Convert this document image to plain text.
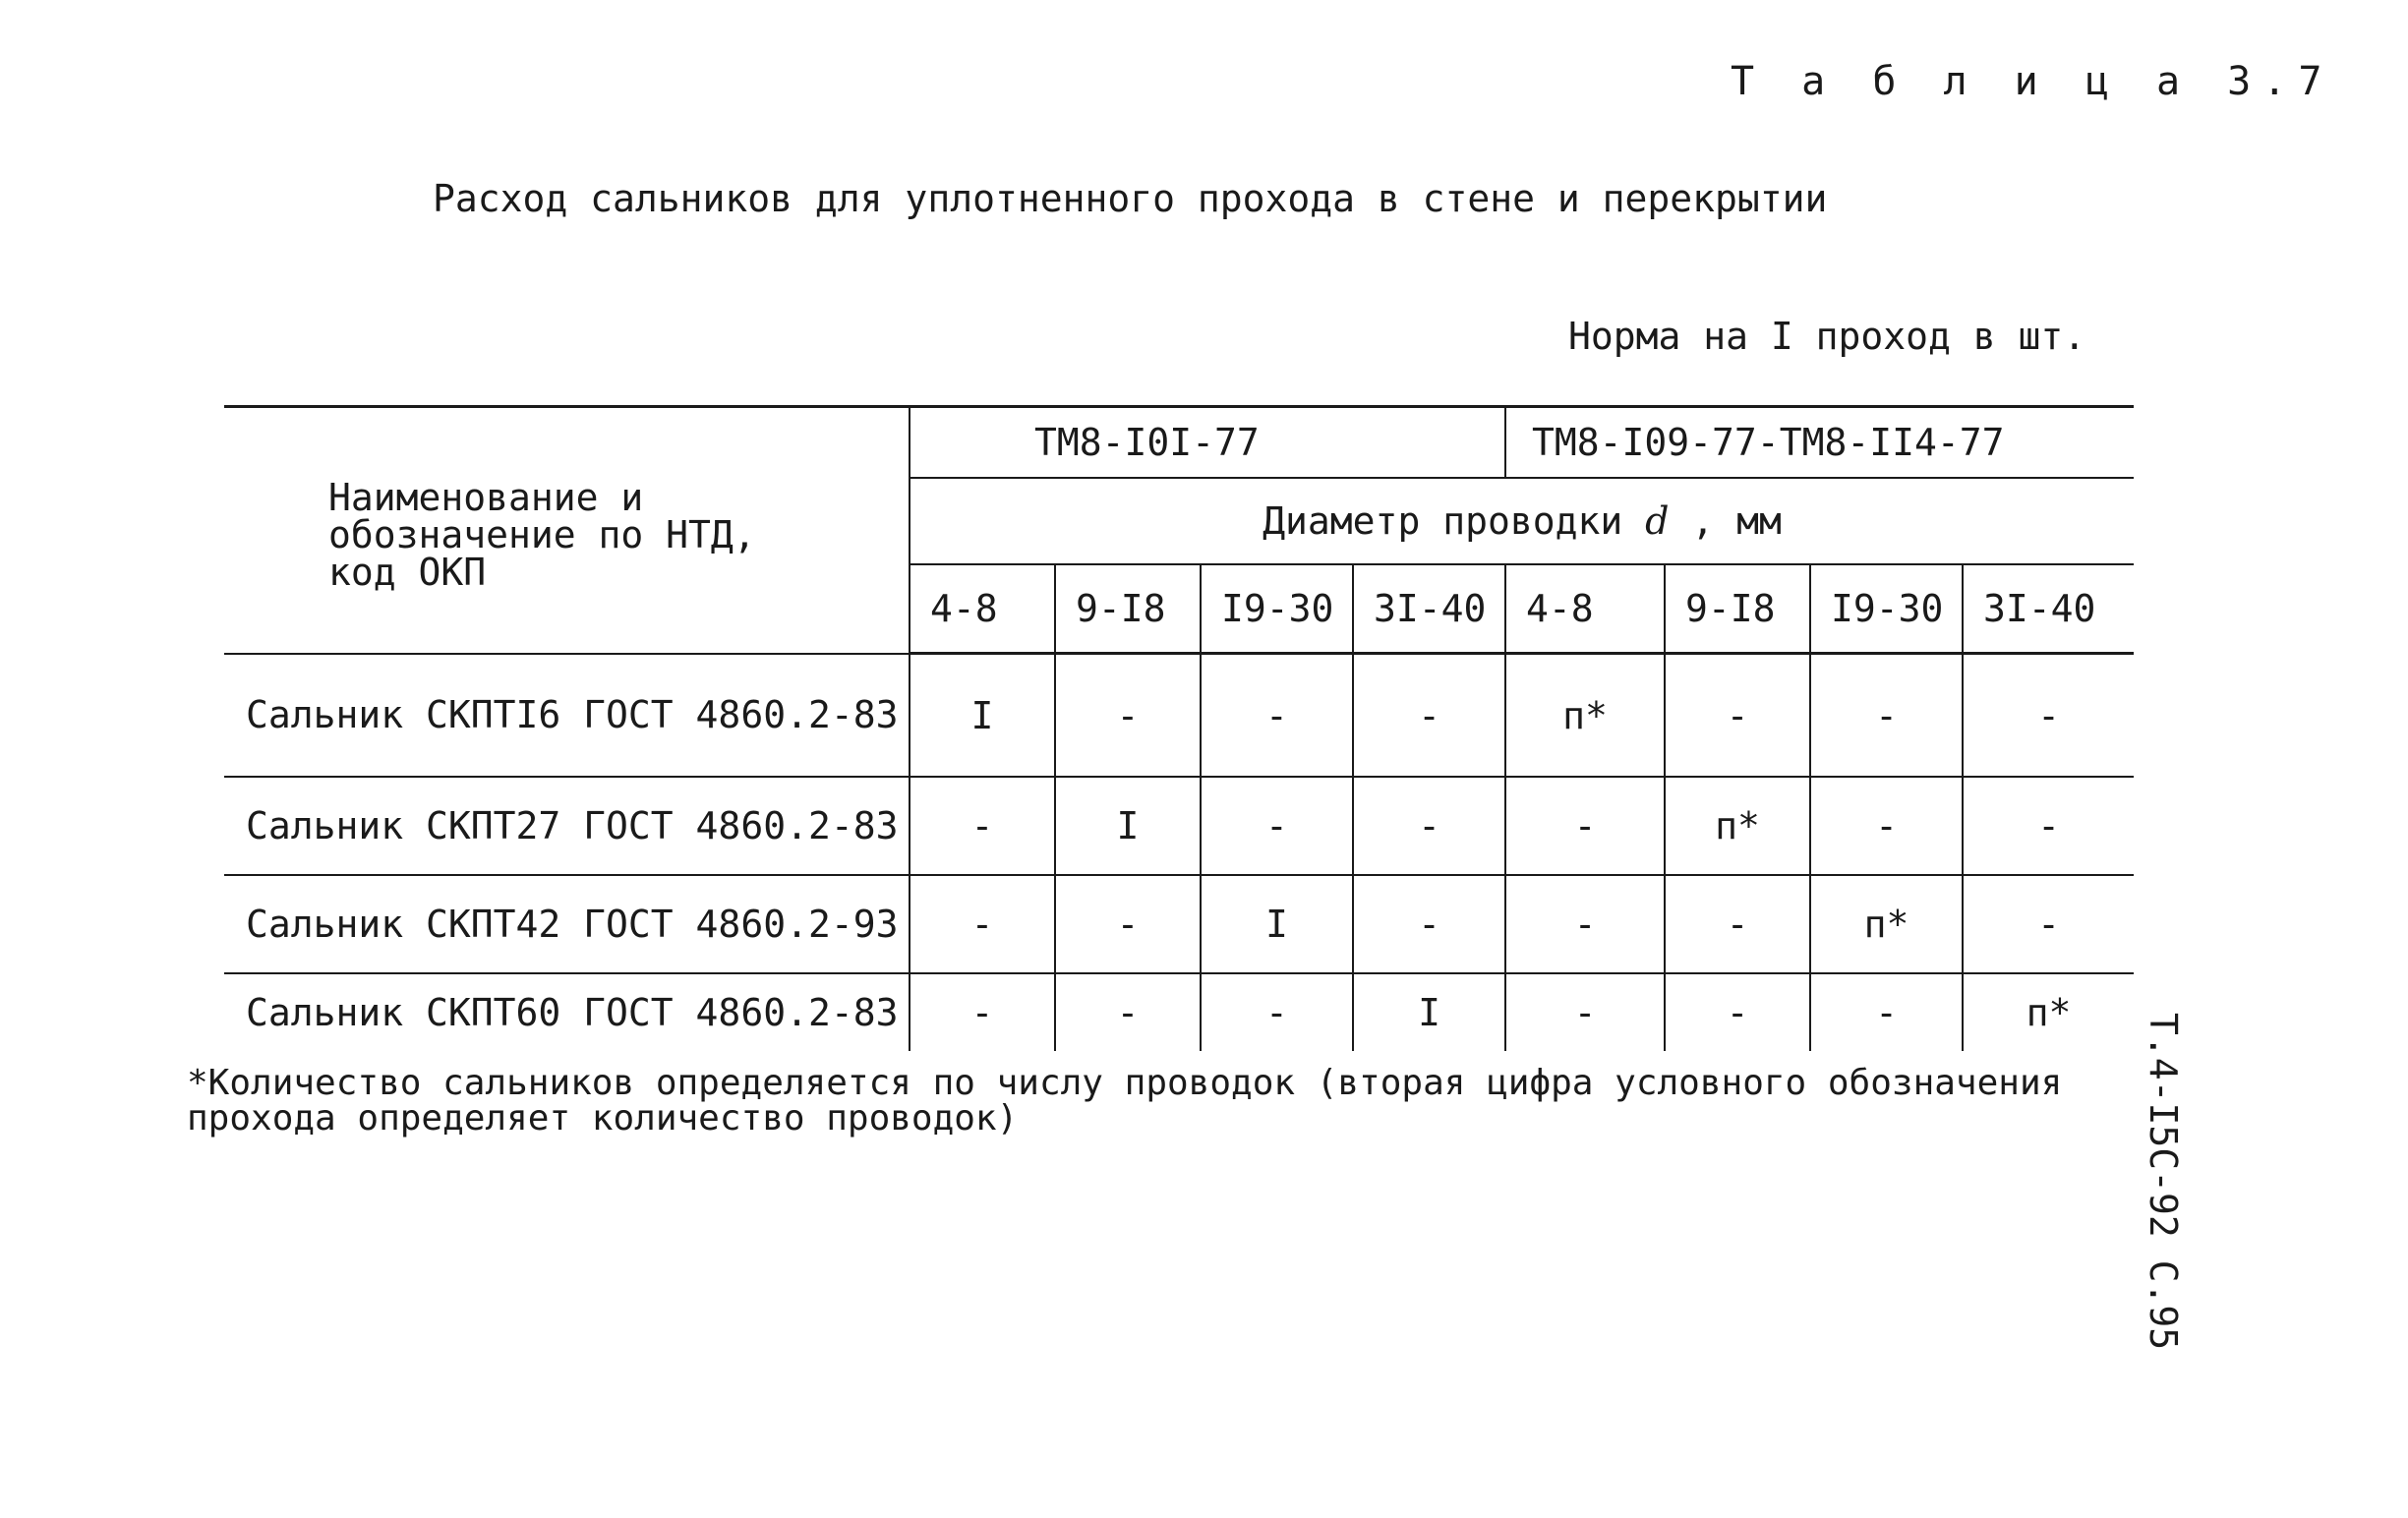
Т а б л и ц а 3.7
Расход сальников для уплотненного прохода в стене и перекрытии
Норма на I проход в шт.
Наименование и
обозначение по НТД,
код ОКП	ТМ8-I0I-77				ТМ8-I09-77-ТМ8-II4-77			
	Диаметр проводки d , мм							
	4-8	9-I8	I9-30	3I-40	4-8	9-I8	I9-30	3I-40
Сальник СКПТI6 ГОСТ 4860.2-83	I	-	-	-	п*	-	-	-
Сальник СКПТ27 ГОСТ 4860.2-83	-	I	-	-	-	п*	-	-
Сальник СКПТ42 ГОСТ 4860.2-93	-	-	I	-	-	-	п*	-
Сальник СКПТ60 ГОСТ 4860.2-83	-	-	-	I	-	-	-	п*
*Количество сальников определяется по числу проводок (вторая цифра условного обозначения
прохода определяет количество проводок)	Т.4-I5С-92 С.95
